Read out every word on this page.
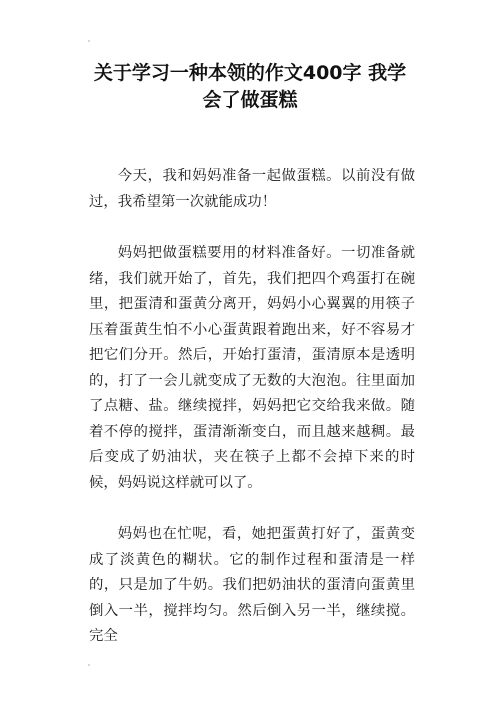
关于学习一种本领的作文400字 我学
会了做蛋糕

今天，我和妈妈准备一起做蛋糕。以前没有做过，我希望第一次就能成功！

妈妈把做蛋糕要用的材料准备好。一切准备就绪，我们就开始了，首先，我们把四个鸡蛋打在碗里，把蛋清和蛋黄分离开，妈妈小心翼翼的用筷子压着蛋黄生怕不小心蛋黄跟着跑出来，好不容易才把它们分开。然后，开始打蛋清，蛋清原本是透明的，打了一会儿就变成了无数的大泡泡。往里面加了点糖、盐。继续搅拌，妈妈把它交给我来做。随着不停的搅拌，蛋清渐渐变白，而且越来越稠。最后变成了奶油状，夹在筷子上都不会掉下来的时候，妈妈说这样就可以了。

妈妈也在忙呢，看，她把蛋黄打好了，蛋黄变成了淡黄色的糊状。它的制作过程和蛋清是一样的，只是加了牛奶。我们把奶油状的蛋清向蛋黄里倒入一半，搅拌均匀。然后倒入另一半，继续搅。完全
